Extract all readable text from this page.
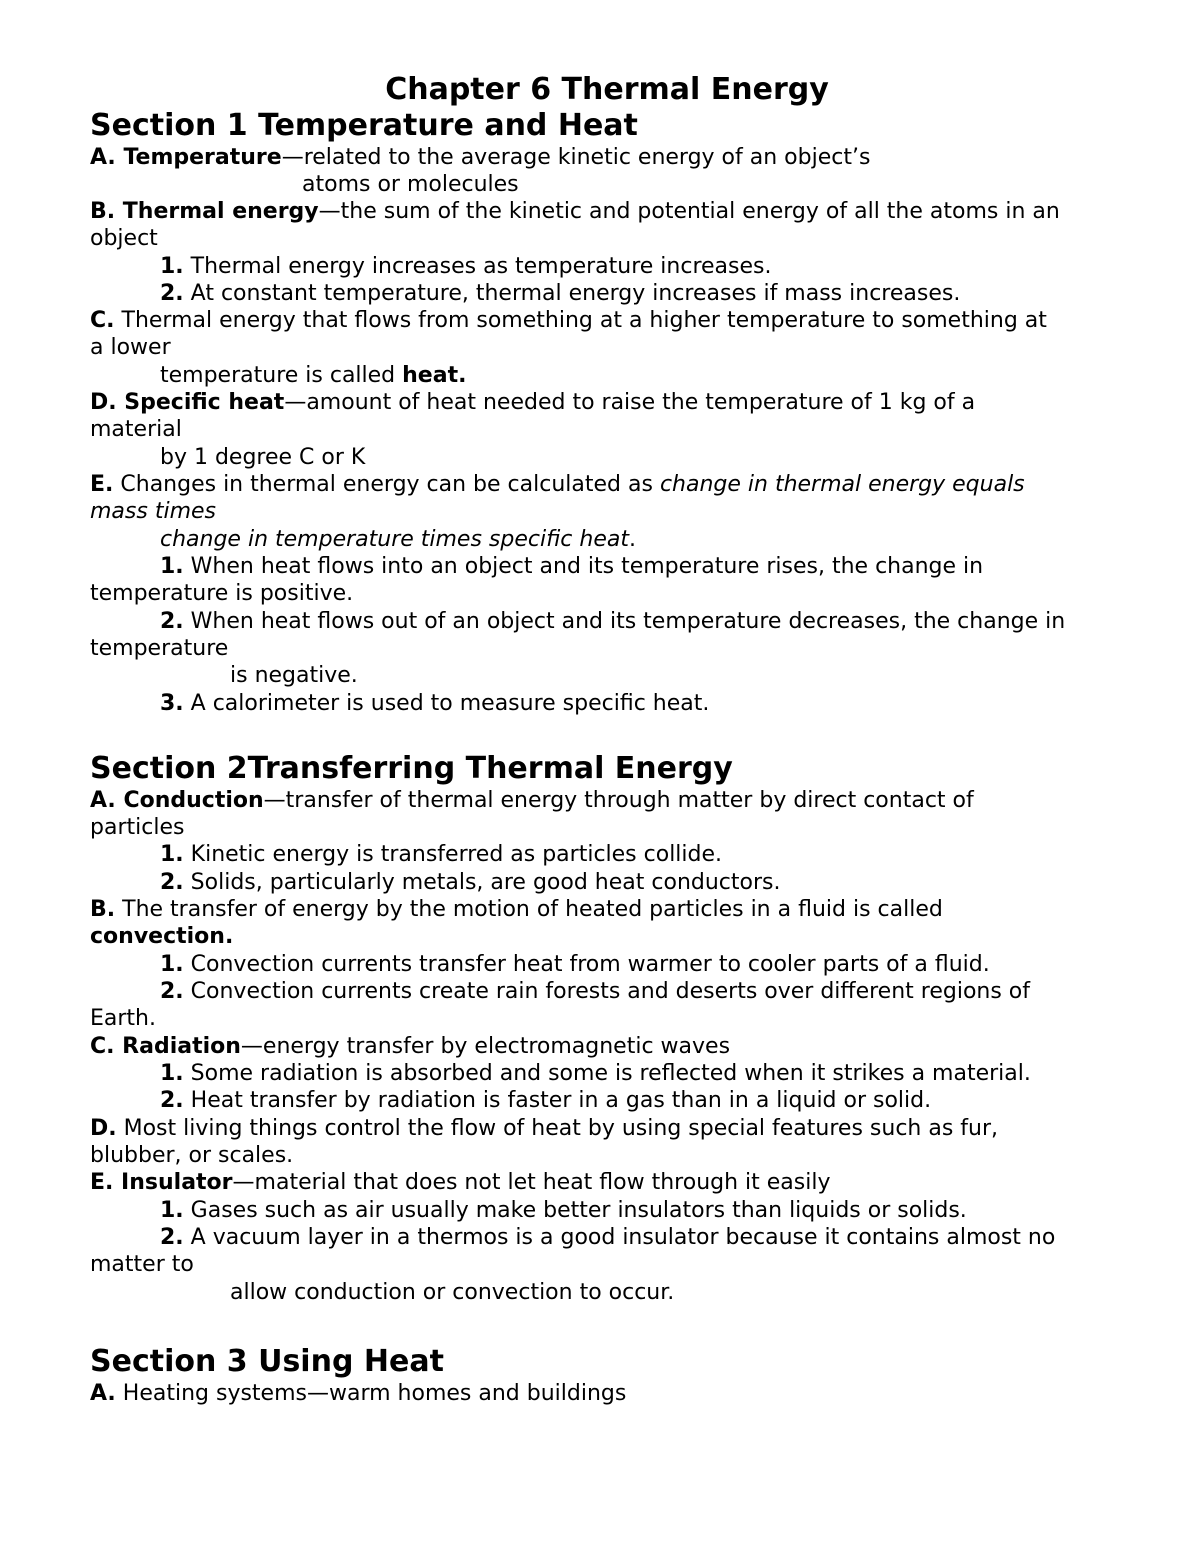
Chapter 6 Thermal Energy
Section 1 Temperature and Heat
A. Temperature—related to the average kinetic energy of an object’s
atoms or molecules
B. Thermal energy—the sum of the kinetic and potential energy of all the atoms in an
object
1. Thermal energy increases as temperature increases.
2. At constant temperature, thermal energy increases if mass increases.
C. Thermal energy that flows from something at a higher temperature to something at
a lower
temperature is called heat.
D. Specific heat—amount of heat needed to raise the temperature of 1 kg of a
material
by 1 degree C or K
E. Changes in thermal energy can be calculated as change in thermal energy equals
mass times
change in temperature times specific heat.
1. When heat flows into an object and its temperature rises, the change in
temperature is positive.
2. When heat flows out of an object and its temperature decreases, the change in
temperature
is negative.
3. A calorimeter is used to measure specific heat.
Section 2Transferring Thermal Energy
A. Conduction—transfer of thermal energy through matter by direct contact of
particles
1. Kinetic energy is transferred as particles collide.
2. Solids, particularly metals, are good heat conductors.
B. The transfer of energy by the motion of heated particles in a fluid is called
convection.
1. Convection currents transfer heat from warmer to cooler parts of a fluid.
2. Convection currents create rain forests and deserts over different regions of
Earth.
C. Radiation—energy transfer by electromagnetic waves
1. Some radiation is absorbed and some is reflected when it strikes a material.
2. Heat transfer by radiation is faster in a gas than in a liquid or solid.
D. Most living things control the flow of heat by using special features such as fur,
blubber, or scales.
E. Insulator—material that does not let heat flow through it easily
1. Gases such as air usually make better insulators than liquids or solids.
2. A vacuum layer in a thermos is a good insulator because it contains almost no
matter to
allow conduction or convection to occur.
Section 3 Using Heat
A. Heating systems—warm homes and buildings
